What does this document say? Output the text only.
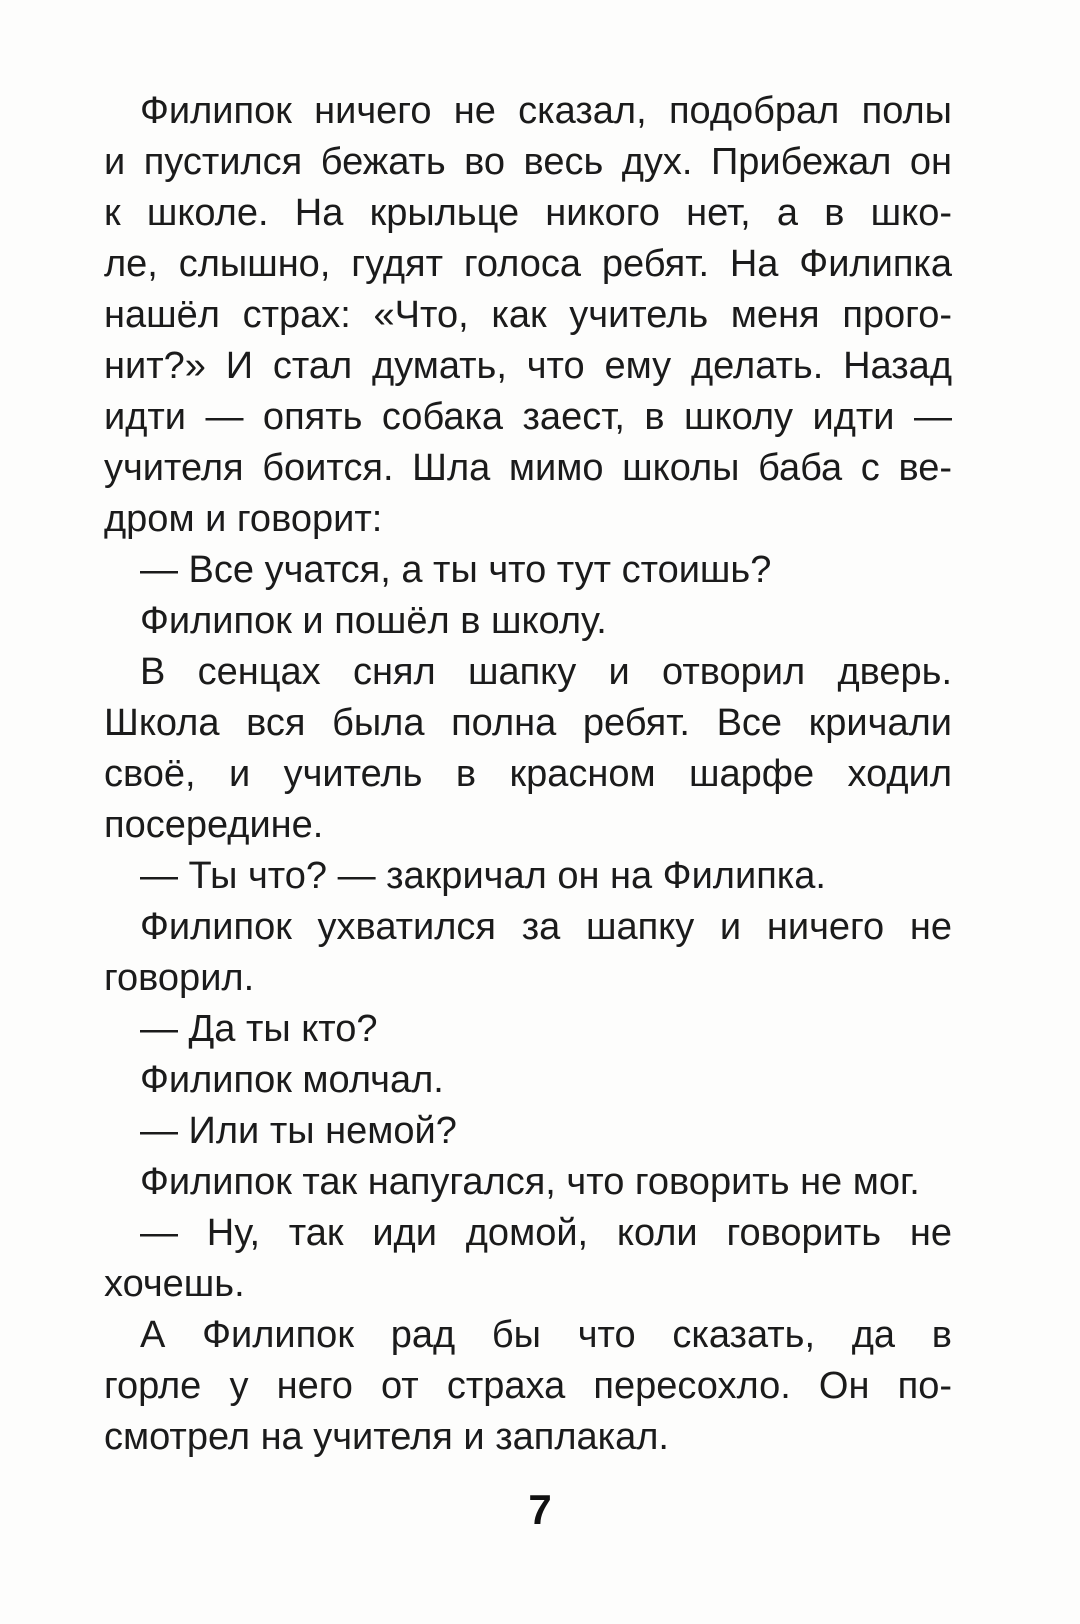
Филипок ничего не сказал, подобрал полы
и пустился бежать во весь дух. Прибежал он
к школе. На крыльце никого нет, а в шко-
ле, слышно, гудят голоса ребят. На Филипка
нашёл страх: «Что, как учитель меня прого-
нит?» И стал думать, что ему делать. Назад
идти — опять собака заест, в школу идти —
учителя боится. Шла мимо школы баба с ве-
дром и говорит:
— Все учатся, а ты что тут стоишь?
Филипок и пошёл в школу.
В сенцах снял шапку и отворил дверь.
Школа вся была полна ребят. Все кричали
своё, и учитель в красном шарфе ходил
посередине.
— Ты что? — закричал он на Филипка.
Филипок ухватился за шапку и ничего не
говорил.
— Да ты кто?
Филипок молчал.
— Или ты немой?
Филипок так напугался, что говорить не мог.
— Ну, так иди домой, коли говорить не
хочешь.
А Филипок рад бы что сказать, да в
горле у него от страха пересохло. Он по-
смотрел на учителя и заплакал.
7
